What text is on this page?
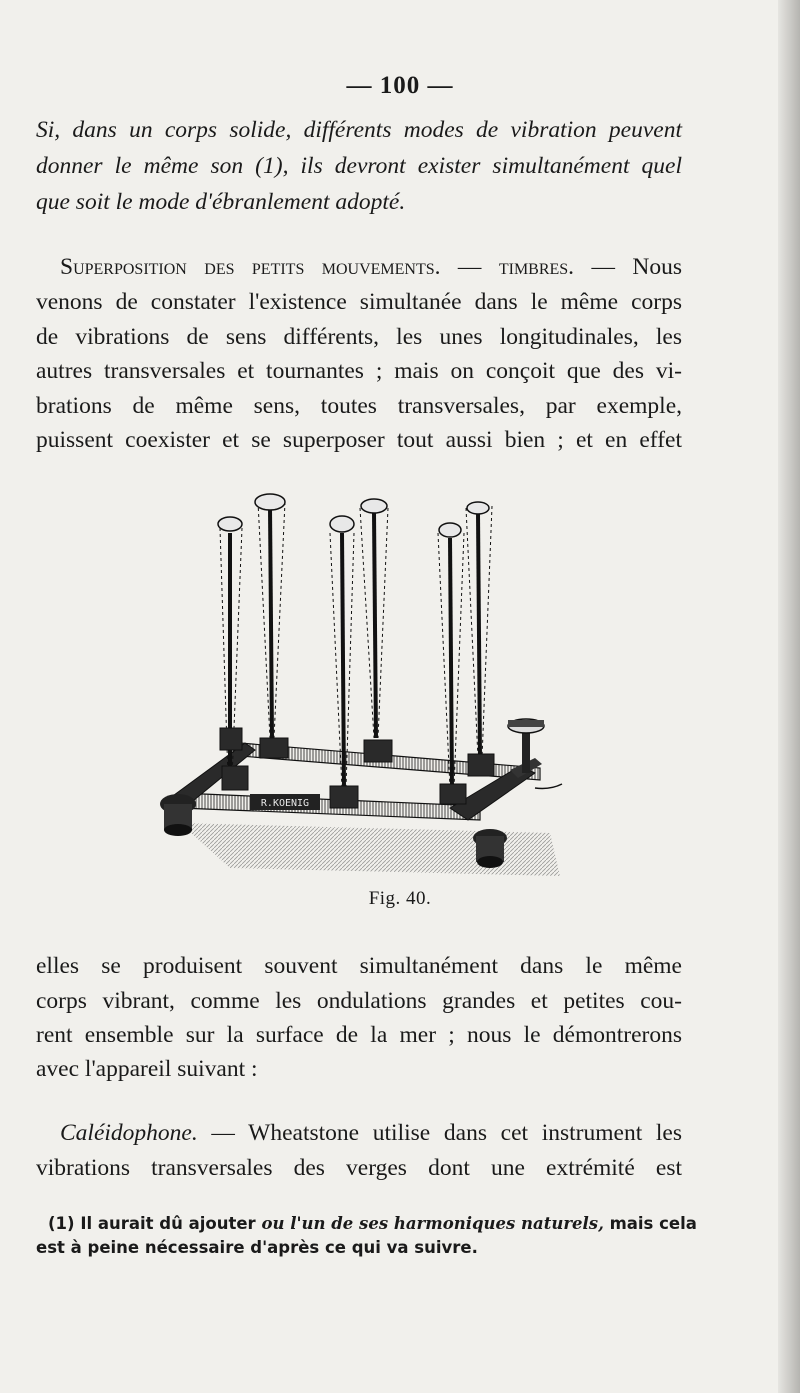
— 100 —
Si, dans un corps solide, différents modes de vibration peuvent
donner le même son (1), ils devront exister simultanément quel
que soit le mode d'ébranlement adopté.
Superposition des petits mouvements. — timbres. — Nous
venons de constater l'existence simultanée dans le même corps
de vibrations de sens différents, les unes longitudinales, les
autres transversales et tournantes ; mais on conçoit que des vi-
brations de même sens, toutes transversales, par exemple,
puissent coexister et se superposer tout aussi bien ; et en effet
elles se produisent souvent simultanément dans le même
corps vibrant, comme les ondulations grandes et petites cou-
rent ensemble sur la surface de la mer ; nous le démontrerons
avec l'appareil suivant :
Caléidophone. — Wheatstone utilise dans cet instrument les
vibrations transversales des verges dont une extrémité est
R.KOENIG
Fig. 40.
(1) Il aurait dû ajouter ou l'un de ses harmoniques naturels, mais cela
est à peine nécessaire d'après ce qui va suivre.
